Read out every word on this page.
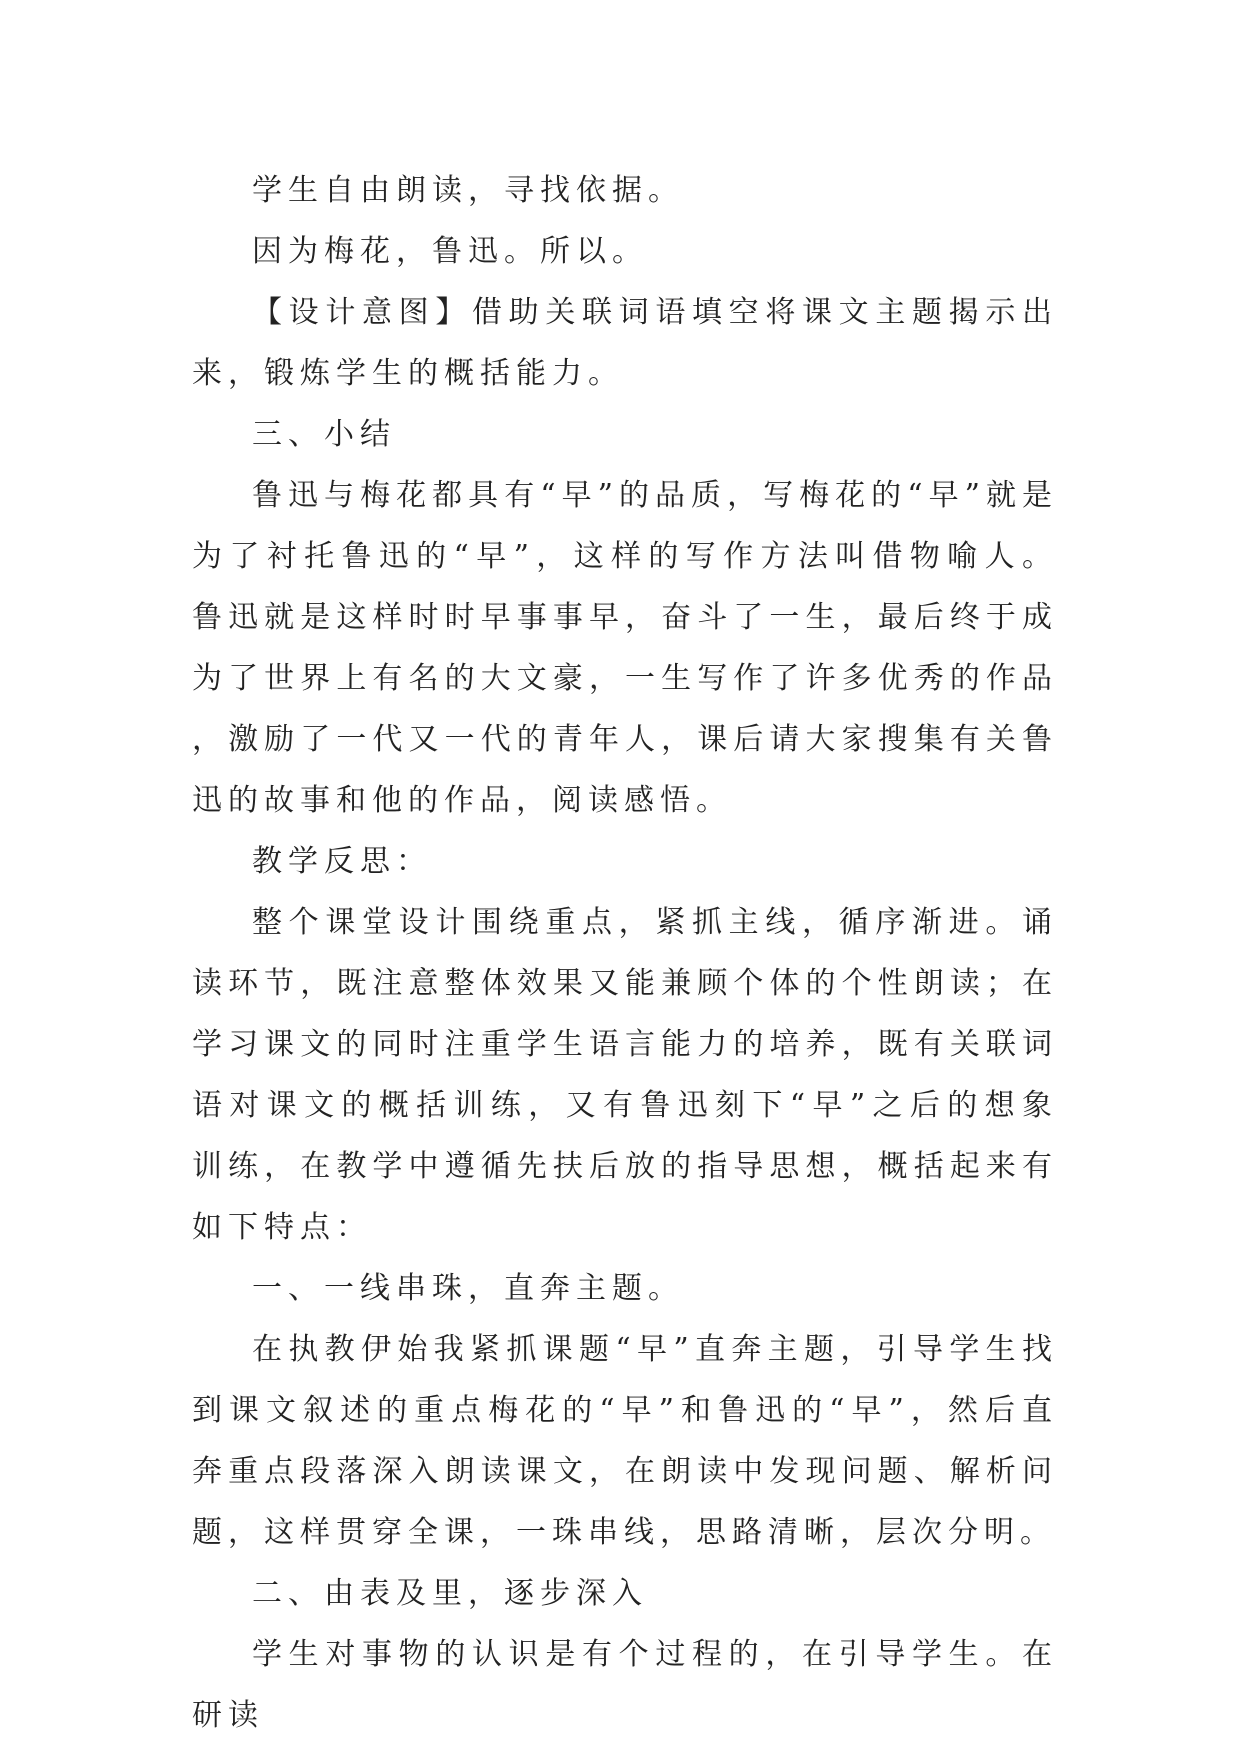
学生自由朗读，寻找依据。

因为梅花，鲁迅。所以。

【设计意图】借助关联词语填空将课文主题揭示出来，锻炼学生的概括能力。

三、小结

鲁迅与梅花都具有“早”的品质，写梅花的“早”就是为了衬托鲁迅的“早”，这样的写作方法叫借物喻人。鲁迅就是这样时时早事事早，奋斗了一生，最后终于成为了世界上有名的大文豪，一生写作了许多优秀的作品，激励了一代又一代的青年人，课后请大家搜集有关鲁迅的故事和他的作品，阅读感悟。

教学反思：

整个课堂设计围绕重点，紧抓主线，循序渐进。诵读环节，既注意整体效果又能兼顾个体的个性朗读；在学习课文的同时注重学生语言能力的培养，既有关联词语对课文的概括训练，又有鲁迅刻下“早”之后的想象训练，在教学中遵循先扶后放的指导思想，概括起来有如下特点：

一、一线串珠，直奔主题。

在执教伊始我紧抓课题“早”直奔主题，引导学生找到课文叙述的重点梅花的“早”和鲁迅的“早”，然后直奔重点段落深入朗读课文，在朗读中发现问题、解析问题，这样贯穿全课，一珠串线，思路清晰，层次分明。

二、由表及里，逐步深入

学生对事物的认识是有个过程的，在引导学生。在研读
